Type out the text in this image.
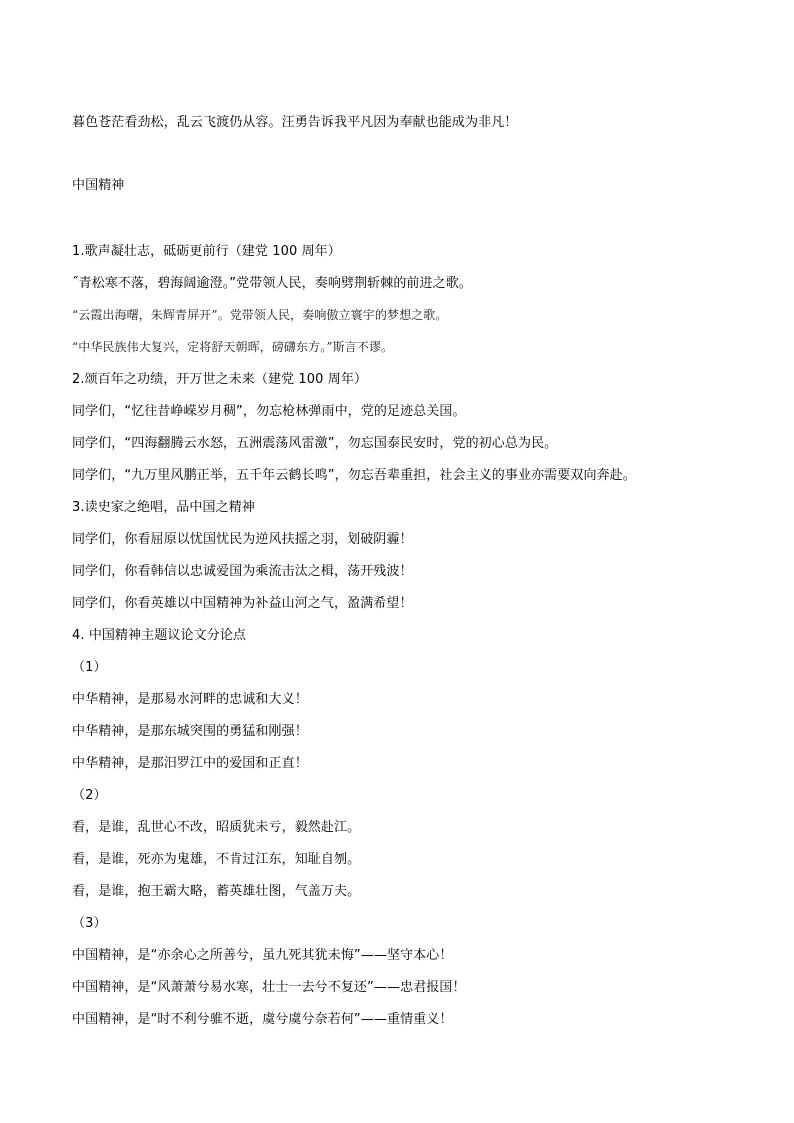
暮色苍茫看劲松，乱云飞渡仍从容。汪勇告诉我平凡因为奉献也能成为非凡！

中国精神

1.歌声凝壮志，砥砺更前行（建党 100 周年）

˝青松寒不落，碧海阔逾澄。”党带领人民，奏响劈荆斩棘的前进之歌。

“云霞出海曙，朱辉青屏开”。党带领人民，奏响傲立寰宇的梦想之歌。

“中华民族伟大复兴，定将舒天朝晖，磅礴东方。”斯言不谬。

2.颂百年之功绩，开万世之未来（建党 100 周年）

同学们，“忆往昔峥嵘岁月稠”，勿忘枪林弹雨中，党的足迹总关国。

同学们，“四海翻腾云水怒，五洲震荡风雷激”，勿忘国泰民安时，党的初心总为民。

同学们，“九万里风鹏正举，五千年云鹤长鸣”，勿忘吾辈重担，社会主义的事业亦需要双向奔赴。

3.读史家之绝唱，品中国之精神

同学们，你看屈原以忧国忧民为逆风扶摇之羽，划破阴霾！

同学们，你看韩信以忠诚爱国为乘流击汰之楫，荡开残波！

同学们，你看英雄以中国精神为补益山河之气，盈满希望！

4. 中国精神主题议论文分论点

（1）

中华精神，是那易水河畔的忠诚和大义！

中华精神，是那东城突围的勇猛和刚强！

中华精神，是那汨罗江中的爱国和正直！

（2）

看，是谁，乱世心不改，昭质犹未亏，毅然赴江。

看，是谁，死亦为鬼雄，不肯过江东，知耻自刎。

看，是谁，抱王霸大略，蓄英雄壮图，气盖万夫。

（3）

中国精神，是“亦余心之所善兮，虽九死其犹未悔”——坚守本心！

中国精神，是“风萧萧兮易水寒，壮士一去兮不复还”——忠君报国！

中国精神，是“时不利兮骓不逝，虞兮虞兮奈若何”——重情重义！
